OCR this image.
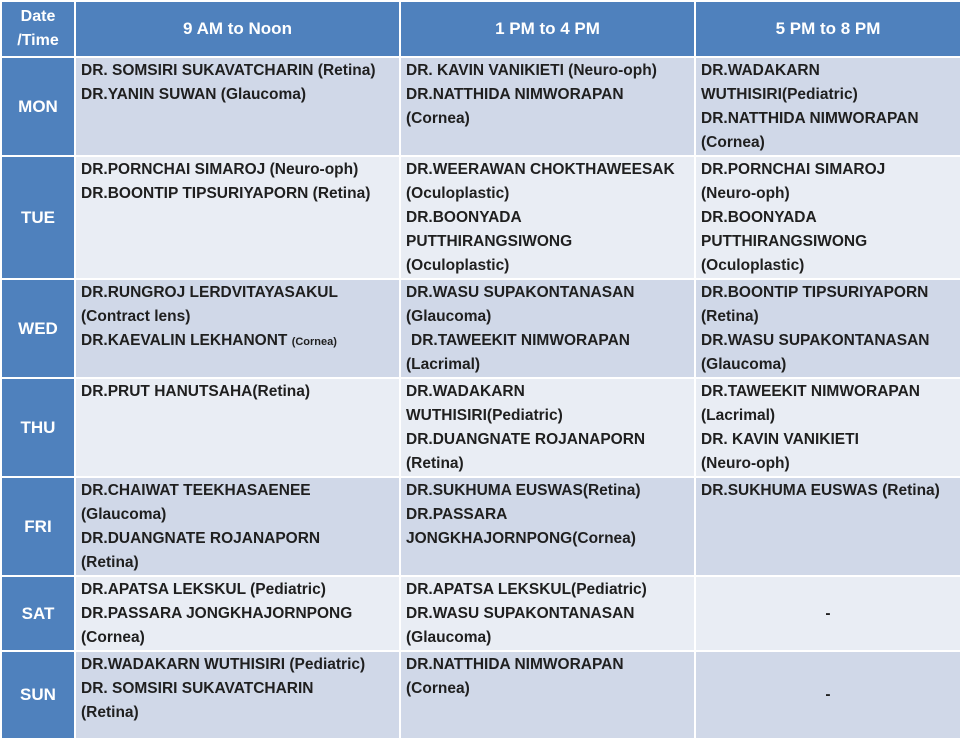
Date
/Time	9 AM to Noon	1 PM to 4 PM	5 PM to 8 PM
MON	DR. SOMSIRI SUKAVATCHARIN (Retina)
DR.YANIN SUWAN (Glaucoma)	DR. KAVIN VANIKIETI (Neuro-oph)
DR.NATTHIDA NIMWORAPAN
(Cornea)	DR.WADAKARN
WUTHISIRI(Pediatric)
DR.NATTHIDA NIMWORAPAN
(Cornea)

TUE	DR.PORNCHAI SIMAROJ (Neuro-oph)
DR.BOONTIP TIPSURIYAPORN (Retina)	DR.WEERAWAN CHOKTHAWEESAK
(Oculoplastic)
DR.BOONYADA
PUTTHIRANGSIWONG
(Oculoplastic)	DR.PORNCHAI SIMAROJ
(Neuro-oph)
DR.BOONYADA
PUTTHIRANGSIWONG
(Oculoplastic)

WED	DR.RUNGROJ LERDVITAYASAKUL
(Contract lens)
DR.KAEVALIN LEKHANONT (Cornea)	DR.WASU SUPAKONTANASAN
(Glaucoma)
DR.TAWEEKIT NIMWORAPAN
(Lacrimal)	DR.BOONTIP TIPSURIYAPORN
(Retina)
DR.WASU SUPAKONTANASAN
(Glaucoma)

THU	DR.PRUT HANUTSAHA(Retina)	DR.WADAKARN
WUTHISIRI(Pediatric)
DR.DUANGNATE ROJANAPORN
(Retina)	DR.TAWEEKIT NIMWORAPAN
(Lacrimal)
DR. KAVIN VANIKIETI
(Neuro-oph)

FRI	DR.CHAIWAT TEEKHASAENEE
(Glaucoma)
DR.DUANGNATE ROJANAPORN
(Retina)	DR.SUKHUMA EUSWAS(Retina)
DR.PASSARA
JONGKHAJORNPONG(Cornea)	DR.SUKHUMA EUSWAS (Retina)

SAT	DR.APATSA LEKSKUL (Pediatric)
DR.PASSARA JONGKHAJORNPONG
(Cornea)	DR.APATSA LEKSKUL(Pediatric)
DR.WASU SUPAKONTANASAN
(Glaucoma)	-
SUN	DR.WADAKARN WUTHISIRI (Pediatric)
DR. SOMSIRI SUKAVATCHARIN
(Retina)	DR.NATTHIDA NIMWORAPAN
(Cornea)	-
